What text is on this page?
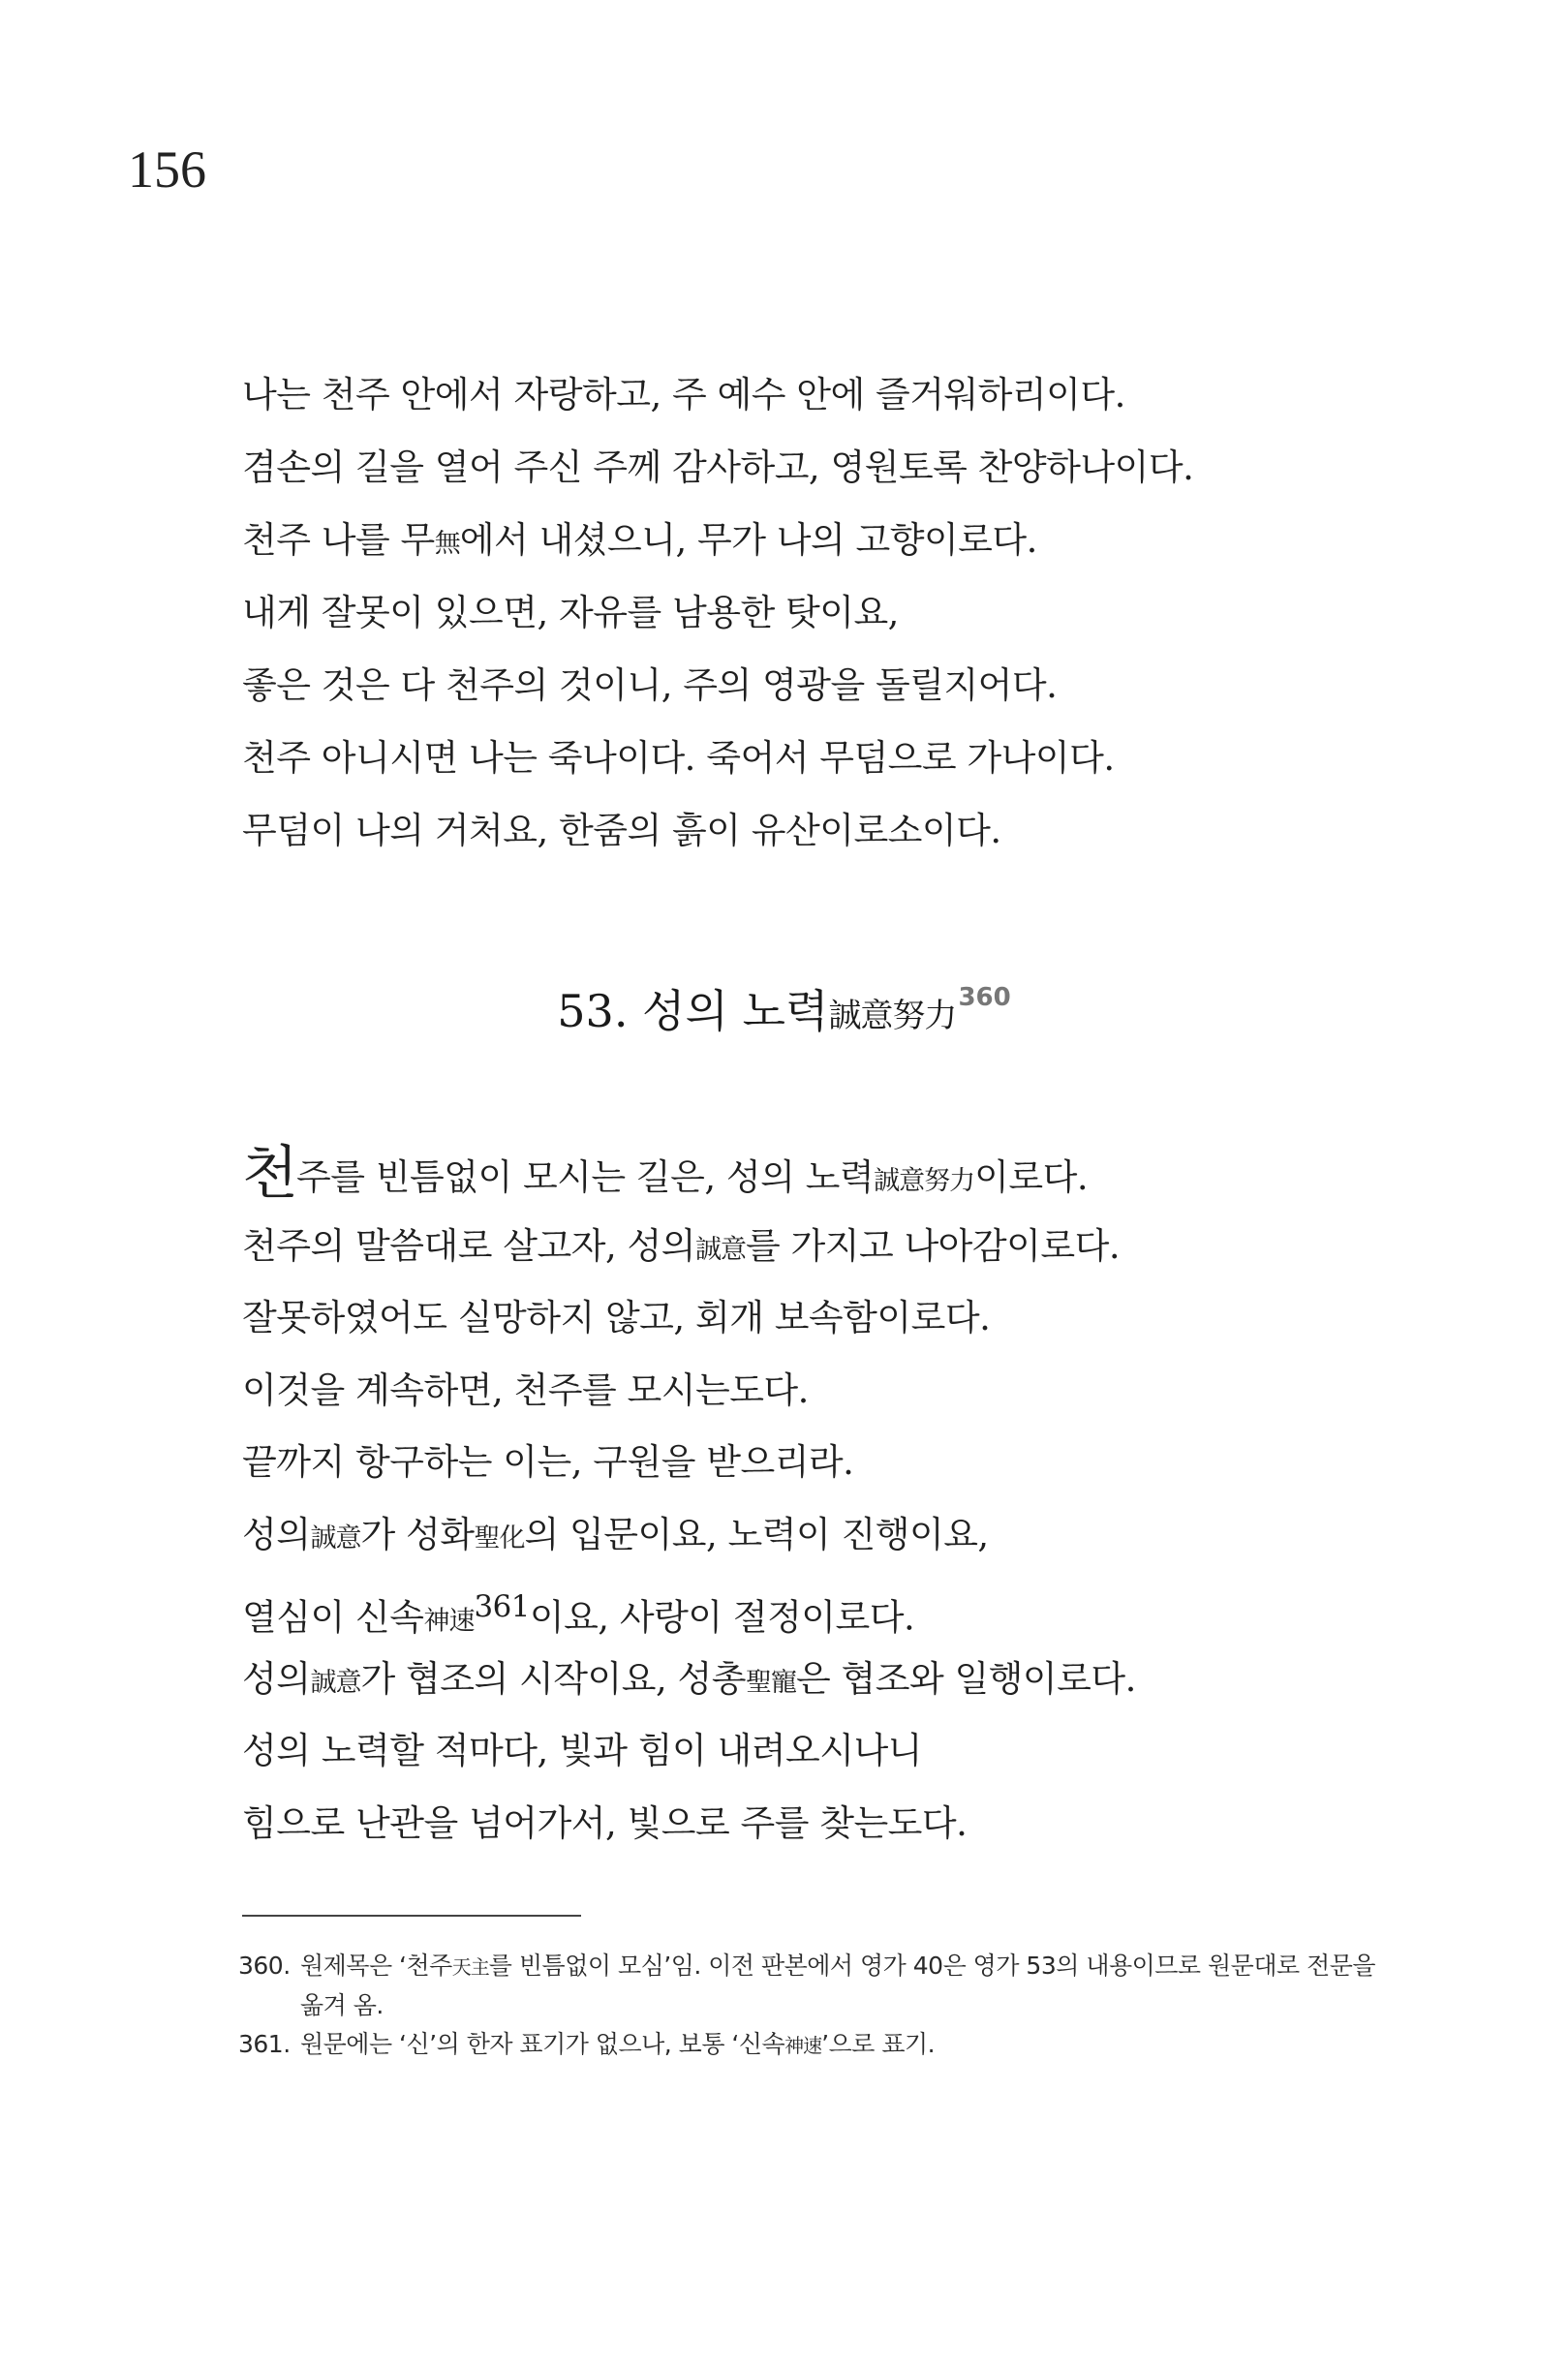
156
나는 천주 안에서 자랑하고, 주 예수 안에 즐거워하리이다.
겸손의 길을 열어 주신 주께 감사하고, 영원토록 찬양하나이다.
천주 나를 무無에서 내셨으니, 무가 나의 고향이로다.
내게 잘못이 있으면, 자유를 남용한 탓이요,
좋은 것은 다 천주의 것이니, 주의 영광을 돌릴지어다.
천주 아니시면 나는 죽나이다. 죽어서 무덤으로 가나이다.
무덤이 나의 거처요, 한줌의 흙이 유산이로소이다.
53. 성의 노력誠意努力$^{360}$
천주를 빈틈없이 모시는 길은, 성의 노력誠意努力이로다.
천주의 말씀대로 살고자, 성의誠意를 가지고 나아감이로다.
잘못하였어도 실망하지 않고, 회개 보속함이로다.
이것을 계속하면, 천주를 모시는도다.
끝까지 항구하는 이는, 구원을 받으리라.
성의誠意가 성화聖化의 입문이요, 노력이 진행이요,
열심이 신속神速$^{361}$이요, 사랑이 절정이로다.
성의誠意가 협조의 시작이요, 성총聖寵은 협조와 일행이로다.
성의 노력할 적마다, 빛과 힘이 내려오시나니
힘으로 난관을 넘어가서, 빛으로 주를 찾는도다.
360. 원제목은 ‘천주天主를 빈틈없이 모심’임. 이전 판본에서 영가 40은 영가 53의 내용이므로 원문대로 전문을 옮겨 옴.
361. 원문에는 ‘신’의 한자 표기가 없으나, 보통 ‘신속神速’으로 표기.
